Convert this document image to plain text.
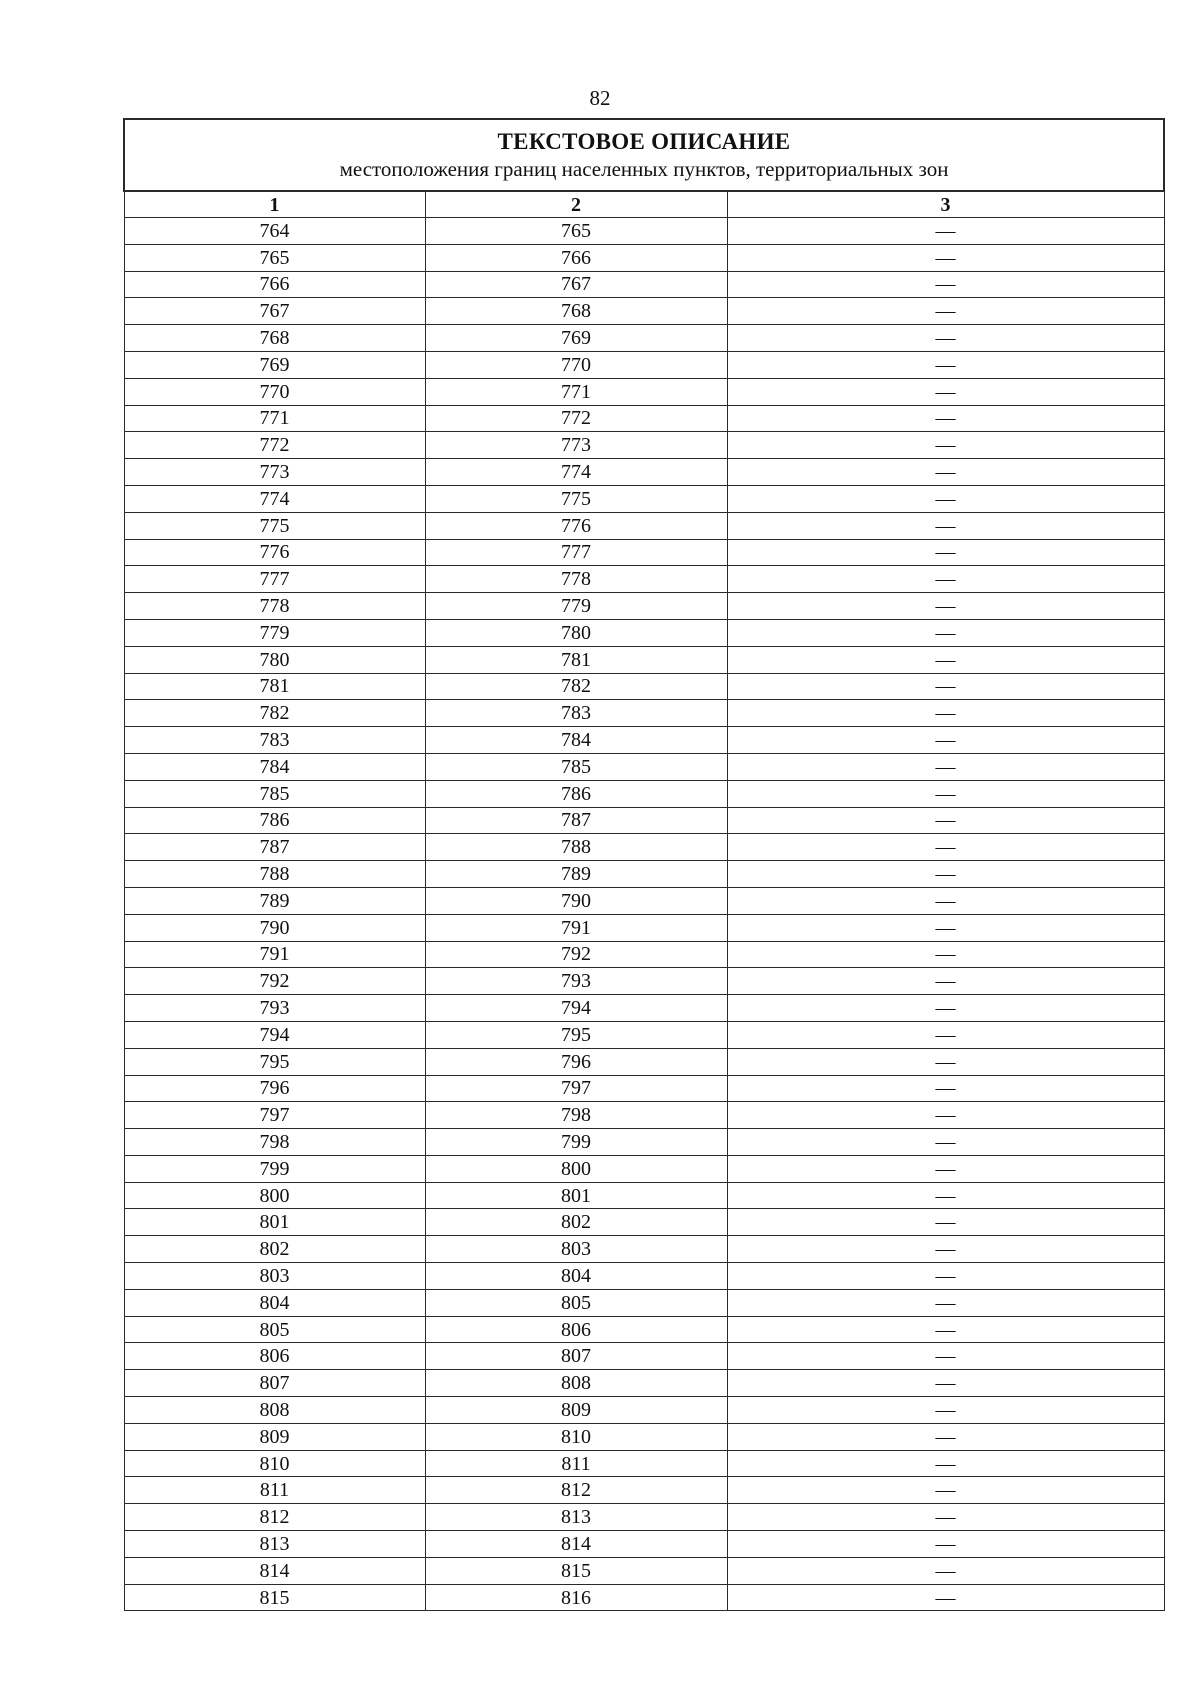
82
ТЕКСТОВОЕ ОПИСАНИЕ
местоположения границ населенных пунктов, территориальных зон		

1	2	3
764	765	—
765	766	—
766	767	—
767	768	—
768	769	—
769	770	—
770	771	—
771	772	—
772	773	—
773	774	—
774	775	—
775	776	—
776	777	—
777	778	—
778	779	—
779	780	—
780	781	—
781	782	—
782	783	—
783	784	—
784	785	—
785	786	—
786	787	—
787	788	—
788	789	—
789	790	—
790	791	—
791	792	—
792	793	—
793	794	—
794	795	—
795	796	—
796	797	—
797	798	—
798	799	—
799	800	—
800	801	—
801	802	—
802	803	—
803	804	—
804	805	—
805	806	—
806	807	—
807	808	—
808	809	—
809	810	—
810	811	—
811	812	—
812	813	—
813	814	—
814	815	—
815	816	—
